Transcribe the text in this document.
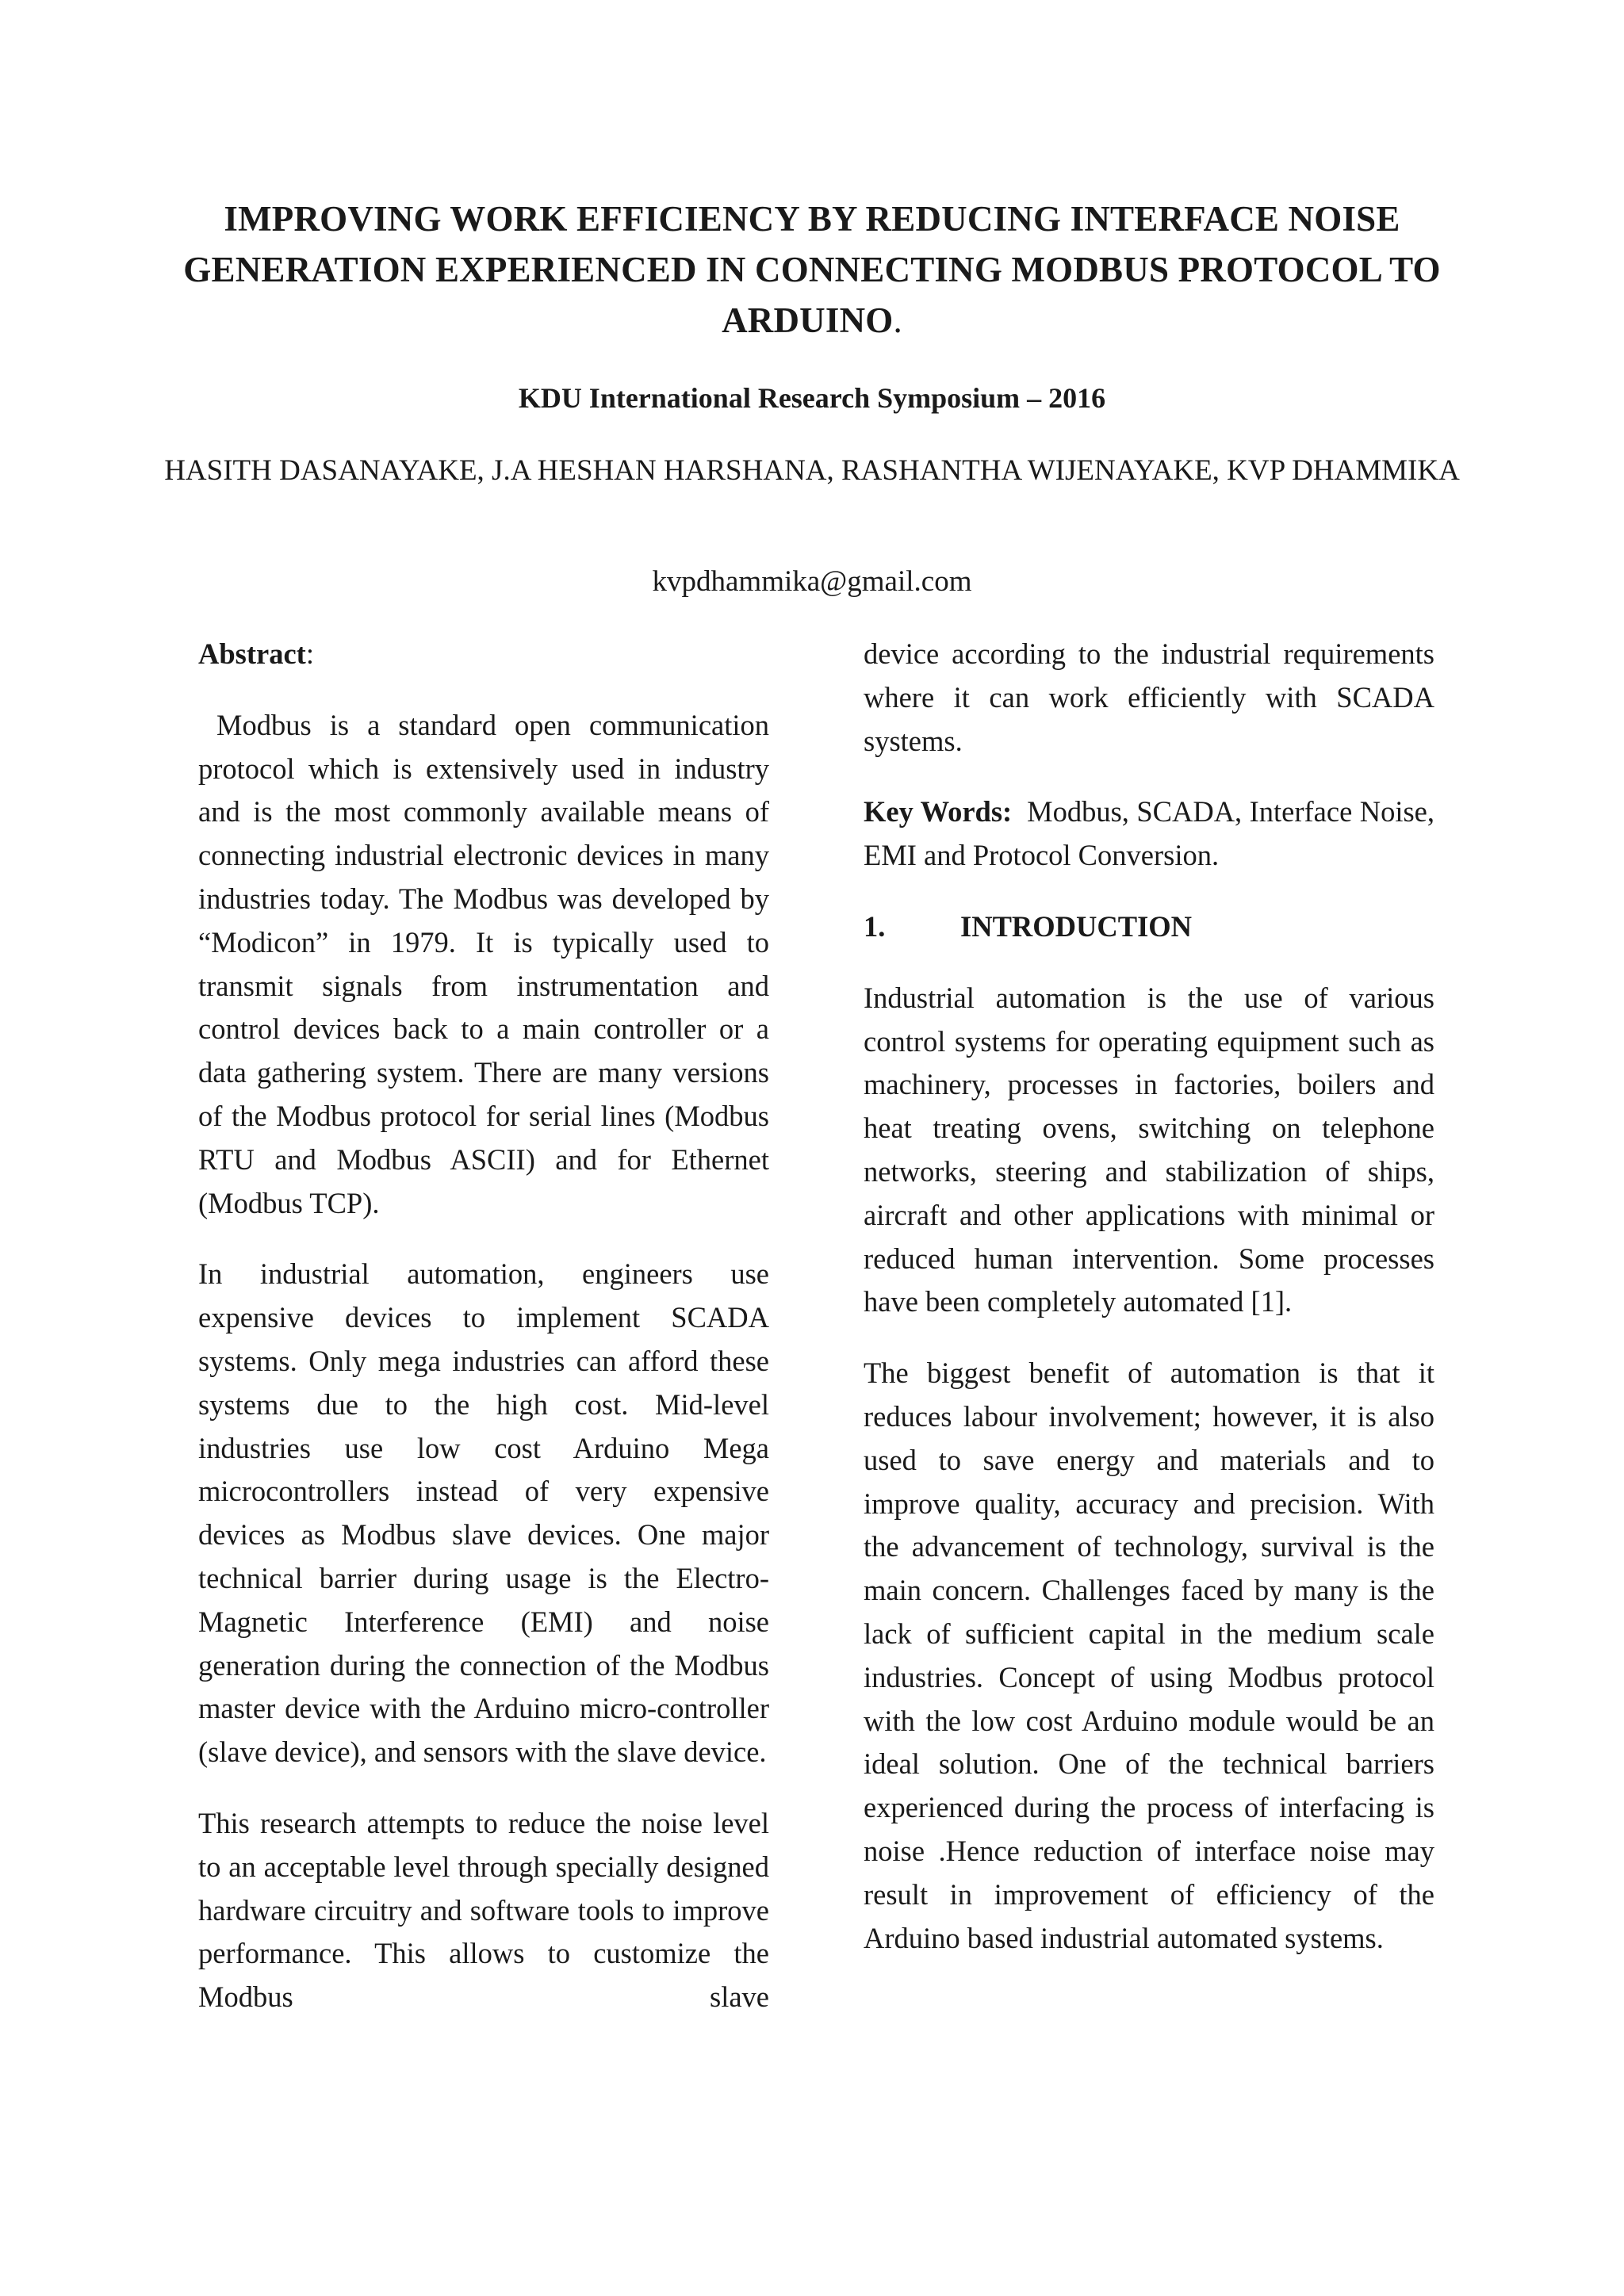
IMPROVING WORK EFFICIENCY BY REDUCING INTERFACE NOISE GENERATION EXPERIENCED IN CONNECTING MODBUS PROTOCOL TO ARDUINO.
KDU International Research Symposium – 2016
HASITH DASANAYAKE, J.A HESHAN HARSHANA, RASHANTHA WIJENAYAKE, KVP DHAMMIKA
kvpdhammika@gmail.com
Abstract:

Modbus is a standard open communication protocol which is extensively used in industry and is the most commonly available means of connecting industrial electronic devices in many industries today. The Modbus was developed by “Modicon” in 1979. It is typically used to transmit signals from instrumentation and control devices back to a main controller or a data gathering system. There are many versions of the Modbus protocol for serial lines (Modbus RTU and Modbus ASCII) and for Ethernet (Modbus TCP).

In industrial automation, engineers use expensive devices to implement SCADA systems. Only mega industries can afford these systems due to the high cost. Mid-level industries use low cost Arduino Mega microcontrollers instead of very expensive devices as Modbus slave devices. One major technical barrier during usage is the Electro-Magnetic Interference (EMI) and noise generation during the connection of the Modbus master device with the Arduino micro-controller (slave device), and sensors with the slave device.

This research attempts to reduce the noise level to an acceptable level through specially designed hardware circuitry and software tools to improve performance. This allows to customize the Modbus slave

device according to the industrial requirements where it can work efficiently with SCADA systems.

Key Words: Modbus, SCADA, Interface Noise, EMI and Protocol Conversion.

1.	INTRODUCTION

Industrial automation is the use of various control systems for operating equipment such as machinery, processes in factories, boilers and heat treating ovens, switching on telephone networks, steering and stabilization of ships, aircraft and other applications with minimal or reduced human intervention. Some processes have been completely automated [1].

The biggest benefit of automation is that it reduces labour involvement; however, it is also used to save energy and materials and to improve quality, accuracy and precision. With the advancement of technology, survival is the main concern. Challenges faced by many is the lack of sufficient capital in the medium scale industries. Concept of using Modbus protocol with the low cost Arduino module would be an ideal solution. One of the technical barriers experienced during the process of interfacing is noise .Hence reduction of interface noise may result in improvement of efficiency of the Arduino based industrial automated systems.
